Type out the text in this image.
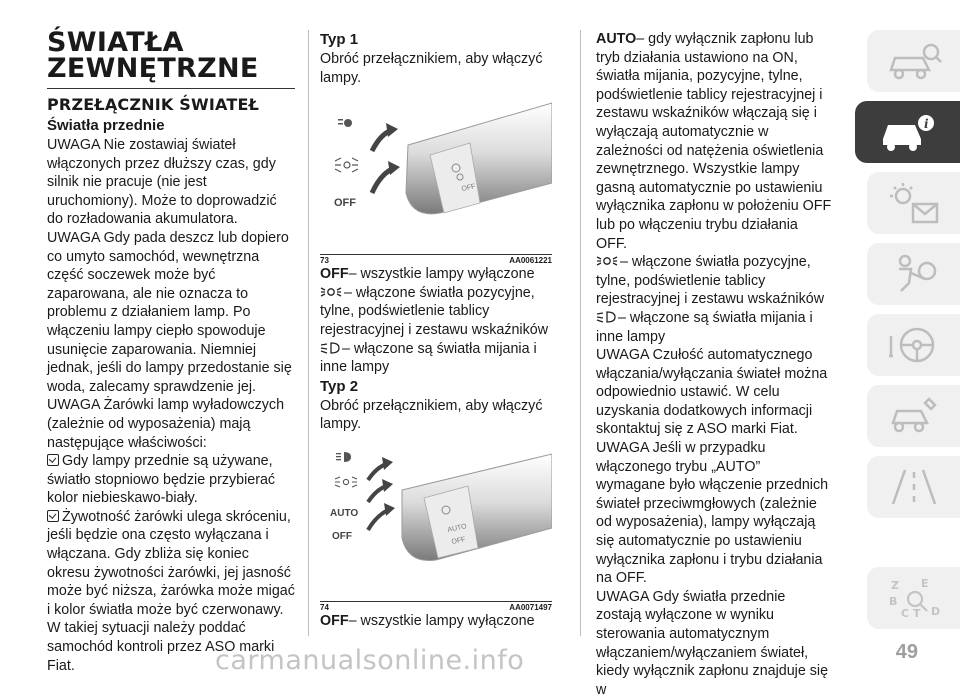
ŚWIATŁA ZEWNĘTRZNE
PRZEŁĄCZNIK ŚWIATEŁ
Światła przednie

UWAGA Nie zostawiaj świateł włączonych przez dłuższy czas, gdy silnik nie pracuje (nie jest uruchomiony). Może to doprowadzić do rozładowania akumulatora.

UWAGA Gdy pada deszcz lub dopiero co umyto samochód, wewnętrzna część soczewek może być zaparowana, ale nie oznacza to problemu z działaniem lamp. Po włączeniu lampy ciepło spowoduje usunięcie zaparowania. Niemniej jednak, jeśli do lampy przedostanie się woda, zalecamy sprawdzenie jej.

UWAGA Żarówki lamp wyładowczych (zależnie od wyposażenia) mają następujące właściwości:

Gdy lampy przednie są używane, światło stopniowo będzie przybierać kolor niebieskawo-biały.

Żywotność żarówki ulega skróceniu, jeśli będzie ona często wyłączana i włączana. Gdy zbliża się koniec okresu żywotności żarówki, jej jasność może być niższa, żarówka może migać i kolor światła może być czerwonawy. W takiej sytuacji należy poddać samochód kontroli przez ASO marki Fiat.

Typ 1

Obróć przełącznikiem, aby włączyć lampy.

OFF
OFF
73	AA0061221

OFF– wszystkie lampy wyłączone

– włączone światła pozycyjne, tylne, podświetlenie tablicy rejestracyjnej i zestawu wskaźników

– włączone są światła mijania i inne lampy

Typ 2

Obróć przełącznikiem, aby włączyć lampy.

AUTO
OFF
AUTO
OFF
74	AA0071497

OFF– wszystkie lampy wyłączone

AUTO– gdy wyłącznik zapłonu lub tryb działania ustawiono na ON, światła mijania, pozycyjne, tylne, podświetlenie tablicy rejestracyjnej i zestawu wskaźników włączają się i wyłączają automatycznie w zależności od natężenia oświetlenia zewnętrznego. Wszystkie lampy gasną automatycznie po ustawieniu wyłącznika zapłonu w położeniu OFF lub po włączeniu trybu działania OFF.

– włączone światła pozycyjne, tylne, podświetlenie tablicy rejestracyjnej i zestawu wskaźników

– włączone są światła mijania i inne lampy

UWAGA Czułość automatycznego włączania/wyłączania świateł można odpowiednio ustawić. W celu uzyskania dodatkowych informacji skontaktuj się z ASO marki Fiat.

UWAGA Jeśli w przypadku włączonego trybu „AUTO” wymagane było włączenie przednich świateł przeciwmgłowych (zależnie od wyposażenia), lampy wyłączają się automatycznie po ustawieniu wyłącznika zapłonu i trybu działania na OFF.

UWAGA Gdy światła przednie zostają wyłączone w wyniku sterowania automatycznym włączaniem/wyłączaniem świateł, kiedy wyłącznik zapłonu znajduje się w

i
Z E
B
C T D
49
carmanualsonline.info
